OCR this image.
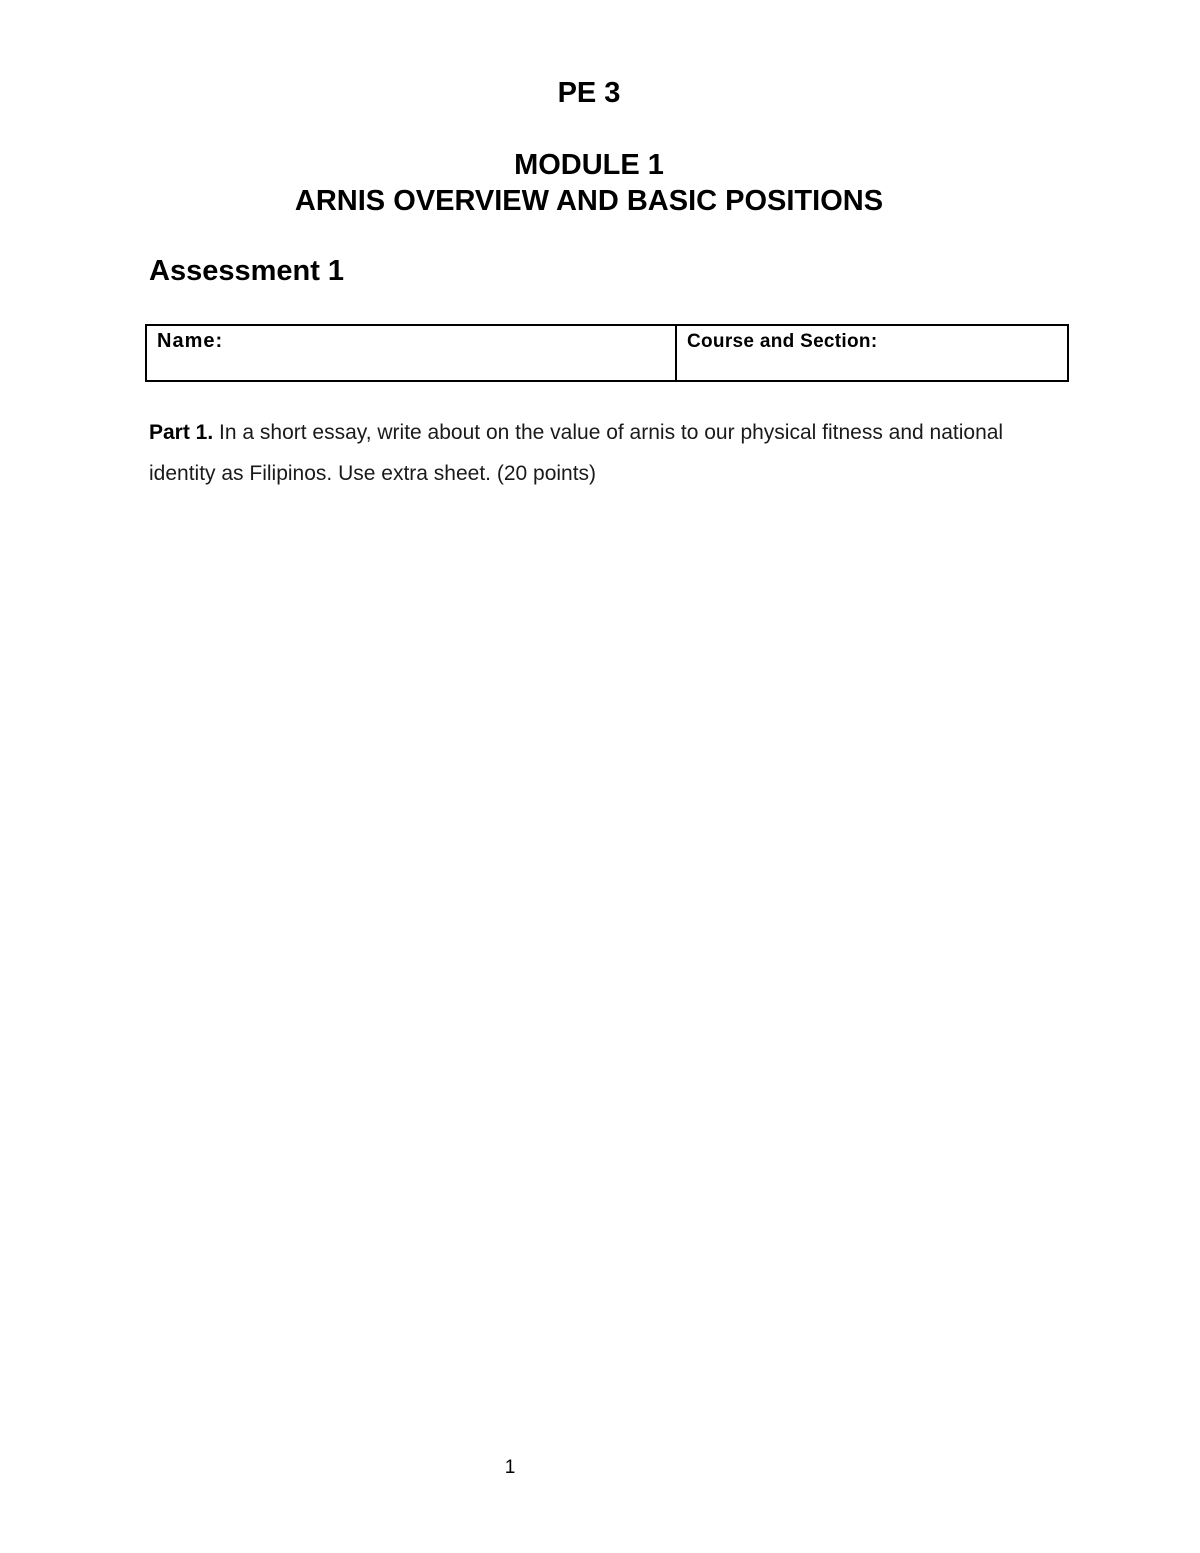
PE 3
MODULE 1
ARNIS OVERVIEW AND BASIC POSITIONS
Assessment 1
Name:	Course and Section:
Part 1. In a short essay, write about on the value of arnis to our physical fitness and national identity as Filipinos. Use extra sheet. (20 points)
1
